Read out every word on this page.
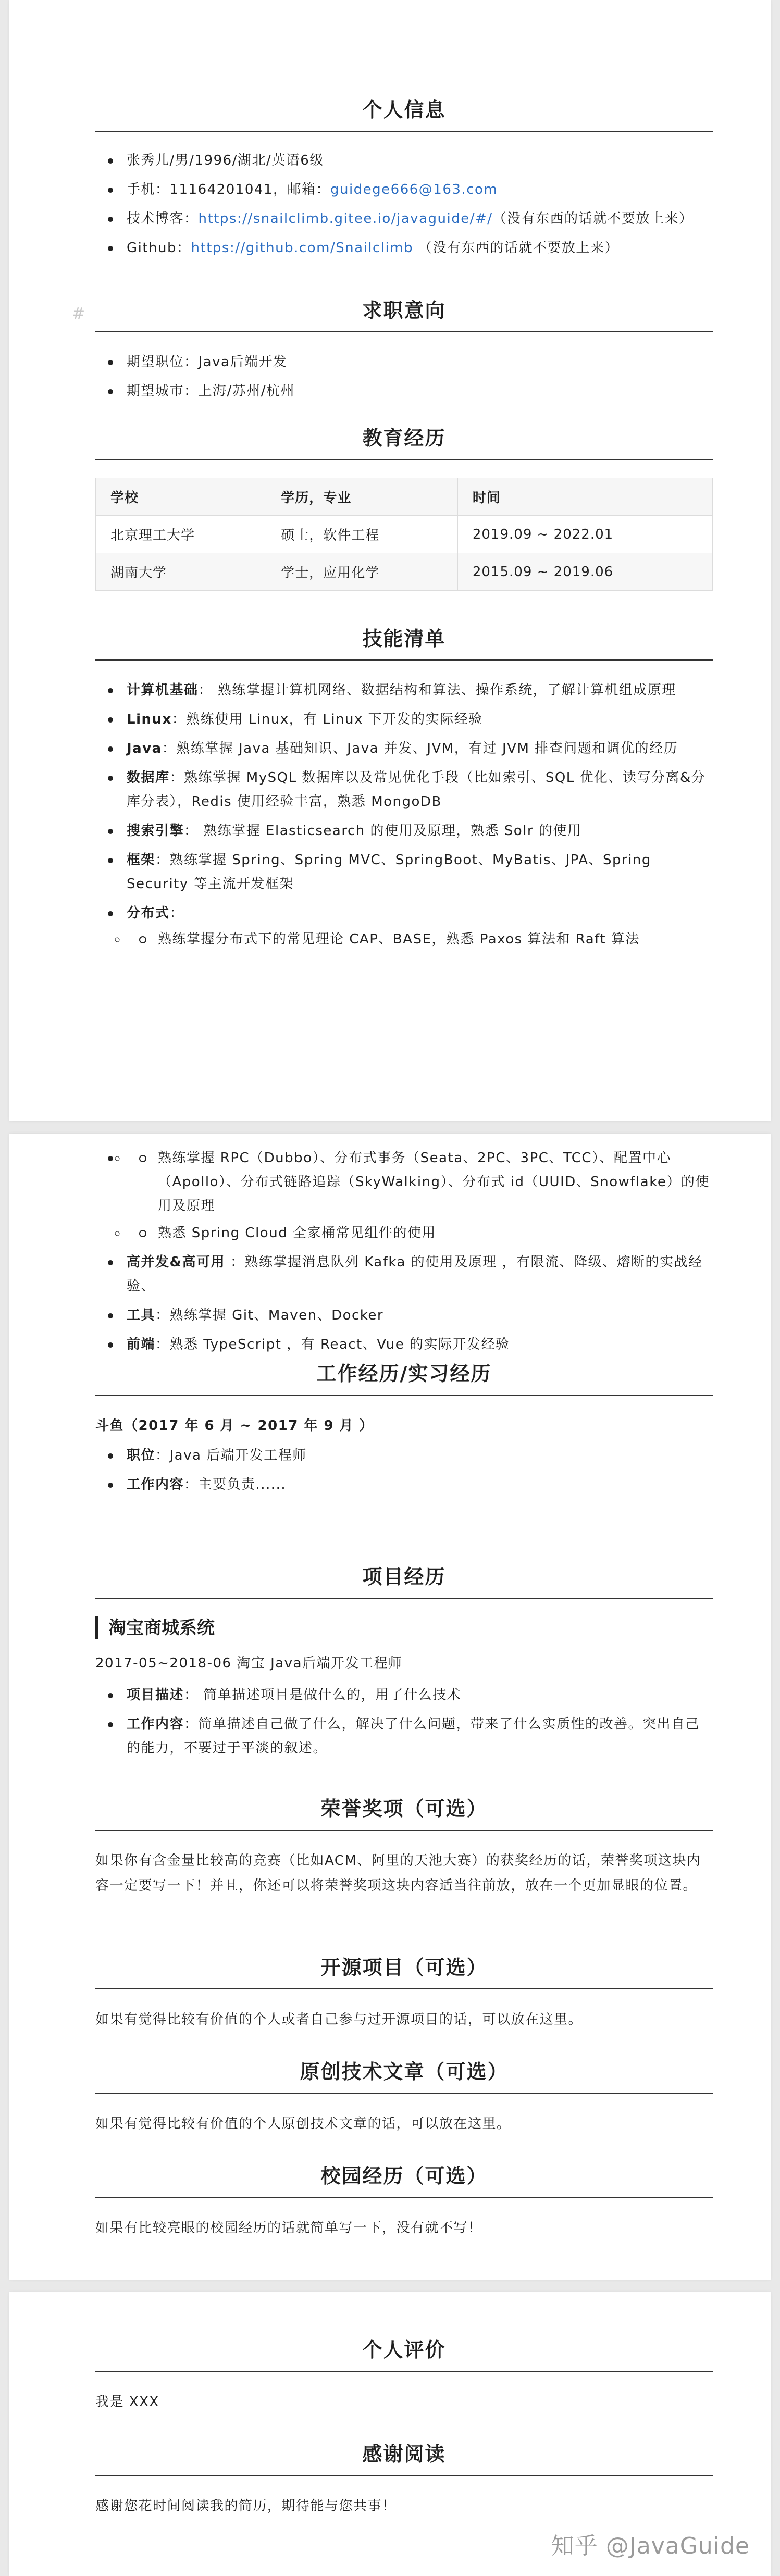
#
个人信息
张秀儿/男/1996/湖北/英语6级
手机：11164201041，邮箱：guidege666@163.com
技术博客：https://snailclimb.gitee.io/javaguide/#/（没有东西的话就不要放上来）
Github：https://github.com/Snailclimb （没有东西的话就不要放上来）
求职意向
期望职位：Java后端开发
期望城市：上海/苏州/杭州
教育经历
学校	学历，专业	时间
北京理工大学	硕士，软件工程	2019.09 ~ 2022.01
湖南大学	学士，应用化学	2015.09 ~ 2019.06
技能清单
计算机基础： 熟练掌握计算机网络、数据结构和算法、操作系统，了解计算机组成原理
Linux：熟练使用 Linux，有 Linux 下开发的实际经验
Java：熟练掌握 Java 基础知识、Java 并发、JVM，有过 JVM 排查问题和调优的经历
数据库：熟练掌握 MySQL 数据库以及常见优化手段（比如索引、SQL 优化、读写分离&分库分表），Redis 使用经验丰富，熟悉 MongoDB
搜索引擎： 熟练掌握 Elasticsearch 的使用及原理，熟悉 Solr 的使用
框架：熟练掌握 Spring、Spring MVC、SpringBoot、MyBatis、JPA、Spring Security 等主流开发框架
分布式：
◦ 熟练掌握分布式下的常见理论 CAP、BASE，熟悉 Paxos 算法和 Raft 算法
◦ 熟练掌握 RPC（Dubbo）、分布式事务（Seata、2PC、3PC、TCC）、配置中心（Apollo）、分布式链路追踪（SkyWalking）、分布式 id（UUID、Snowflake）的使用及原理
◦ 熟悉 Spring Cloud 全家桶常见组件的使用
高并发&高可用 ：熟练掌握消息队列 Kafka 的使用及原理 ，有限流、降级、熔断的实战经验、
工具：熟练掌握 Git、Maven、Docker
前端：熟悉 TypeScript ，有 React、Vue 的实际开发经验
工作经历/实习经历

斗鱼（2017 年 6 月 ~ 2017 年 9 月 ）

职位：Java 后端开发工程师
工作内容：主要负责......
项目经历
淘宝商城系统

2017-05~2018-06 淘宝 Java后端开发工程师

项目描述： 简单描述项目是做什么的，用了什么技术
工作内容：简单描述自己做了什么，解决了什么问题，带来了什么实质性的改善。突出自己的能力，不要过于平淡的叙述。
荣誉奖项（可选）

如果你有含金量比较高的竞赛（比如ACM、阿里的天池大赛）的获奖经历的话，荣誉奖项这块内容一定要写一下！并且，你还可以将荣誉奖项这块内容适当往前放，放在一个更加显眼的位置。

开源项目（可选）

如果有觉得比较有价值的个人或者自己参与过开源项目的话，可以放在这里。

原创技术文章（可选）

如果有觉得比较有价值的个人原创技术文章的话，可以放在这里。

校园经历（可选）

如果有比较亮眼的校园经历的话就简单写一下，没有就不写！

个人评价

我是 XXX

感谢阅读

感谢您花时间阅读我的简历，期待能与您共事！

知乎 @JavaGuide
